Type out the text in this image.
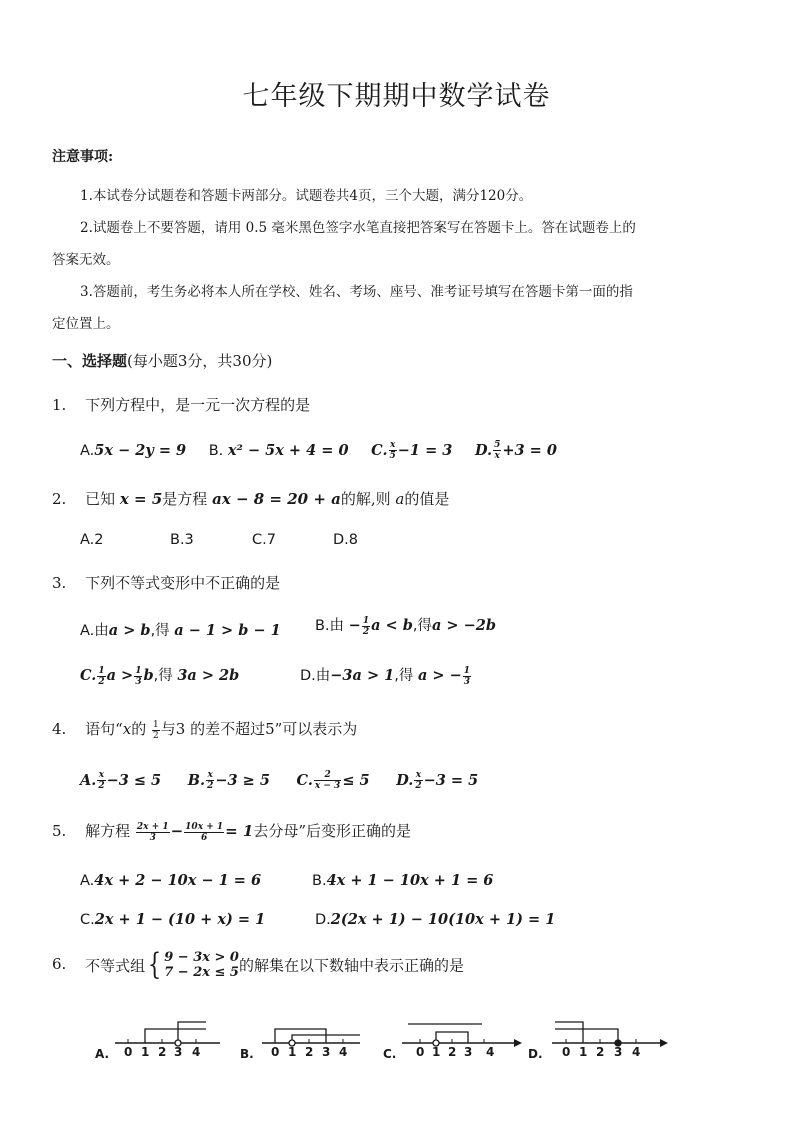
七年级下期期中数学试卷
注意事项:
1.本试卷分试题卷和答题卡两部分。试题卷共4页，三个大题，满分120分。
2.试题卷上不要答题，请用 0.5 毫米黑色签字水笔直接把答案写在答题卡上。答在试题卷上的
答案无效。
3.答题前，考生务必将本人所在学校、姓名、考场、座号、准考证号填写在答题卡第一面的指
定位置上。
一、选择题(每小题3分，共30分)
1. 下列方程中，是一元一次方程的是
A.5x − 2y = 9 B. x² − 5x + 4 = 0 C. $\frac{x}{5} -1 = 3$ D. $\frac{5}{x} +3 = 0$
2. 已知 x = 5是方程 ax − 8 = 20 + a的解,则 a的值是
A.2	B.3	C.7	D.8
3. 下列不等式变形中不正确的是
A.由a > b,得 a − 1 > b − 1 B.由 − $\frac{1}{2}$ a < b,得a > −2b
C. $\frac{1}{2}$ $a > \frac{1}{3} b$,得 3a > 2b	D.由−3a > 1,得 a > − $\frac{1}{3}$
4. 语句“x的 $\frac{1}{2}$ 与3 的差不超过5”可以表示为
A. $\frac{x}{2} -3 \le 5$ B. $\frac{x}{2} -3 \ge 5$ C. $\frac{2}{x - 3} \le 5$ D. $\frac{x}{2} -3 = 5$
5. 解方程 $\frac{2x + 1}{3} - \frac{10x + 1}{6} = 1$去分母”后变形正确的是
A.4x + 2 − 10x − 1 = 6	B.4x + 1 − 10x + 1 = 6
C.2x + 1 − (10 + x) = 1	D.2(2x + 1) − 10(10x + 1) = 1
6. 不等式组{ 9 − 3x > 0
7 − 2x ≤ 5 的解集在以下数轴中表示正确的是
A. 0 1 2 3 4	B. 0 1 2 3 4	C. 0 1 2 3 4	D. 0 1 2 3 4
